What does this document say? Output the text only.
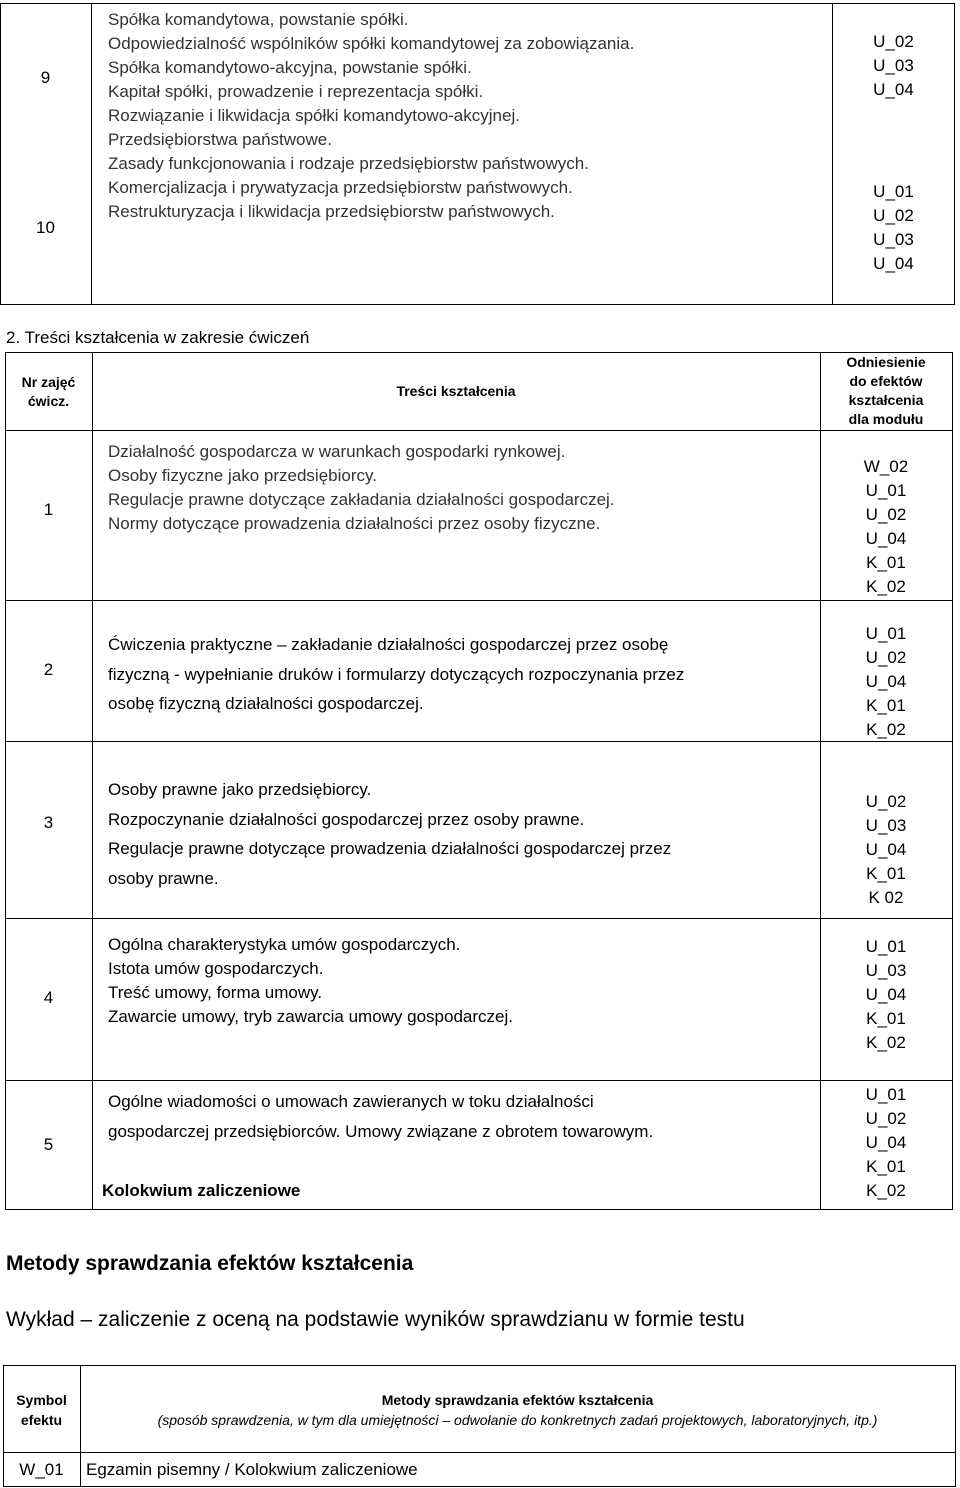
9
10
Spółka komandytowa, powstanie spółki.
Odpowiedzialność wspólników spółki komandytowej za zobowiązania.
Spółka komandytowo-akcyjna, powstanie spółki.
Kapitał spółki, prowadzenie i reprezentacja spółki.
Rozwiązanie i likwidacja spółki komandytowo-akcyjnej.
Przedsiębiorstwa państwowe.
Zasady funkcjonowania i rodzaje przedsiębiorstw państwowych.
Komercjalizacja i prywatyzacja przedsiębiorstw państwowych.
Restrukturyzacja i likwidacja przedsiębiorstw państwowych.
U_02
U_03
U_04
U_01
U_02
U_03
U_04
2. Treści kształcenia w zakresie ćwiczeń
Nr zajęć
ćwicz.
Treści kształcenia
Odniesienie
do efektów
kształcenia
dla modułu
1
Działalność gospodarcza w warunkach gospodarki rynkowej.
Osoby fizyczne jako przedsiębiorcy.
Regulacje prawne dotyczące zakładania działalności gospodarczej.
Normy dotyczące prowadzenia działalności przez osoby fizyczne.
W_02
U_01
U_02
U_04
K_01
K_02
2
Ćwiczenia praktyczne – zakładanie działalności gospodarczej przez osobę
fizyczną - wypełnianie druków i formularzy dotyczących rozpoczynania przez
osobę fizyczną działalności gospodarczej.
U_01
U_02
U_04
K_01
K_02
3
Osoby prawne jako przedsiębiorcy.
Rozpoczynanie działalności gospodarczej przez osoby prawne.
Regulacje prawne dotyczące prowadzenia działalności gospodarczej przez
osoby prawne.
U_02
U_03
U_04
K_01
K 02
4
Ogólna charakterystyka umów gospodarczych.
Istota umów gospodarczych.
Treść umowy, forma umowy.
Zawarcie umowy, tryb zawarcia umowy gospodarczej.
U_01
U_03
U_04
K_01
K_02
5
Ogólne wiadomości o umowach zawieranych w toku działalności
gospodarczej przedsiębiorców. Umowy związane z obrotem towarowym.
Kolokwium zaliczeniowe
U_01
U_02
U_04
K_01
K_02
Metody sprawdzania efektów kształcenia
Wykład – zaliczenie z oceną na podstawie wyników sprawdzianu w formie testu
Symbol
efektu
Metody sprawdzania efektów kształcenia
(sposób sprawdzenia, w tym dla umiejętności – odwołanie do konkretnych zadań projektowych, laboratoryjnych, itp.)
W_01	Egzamin pisemny / Kolokwium zaliczeniowe
